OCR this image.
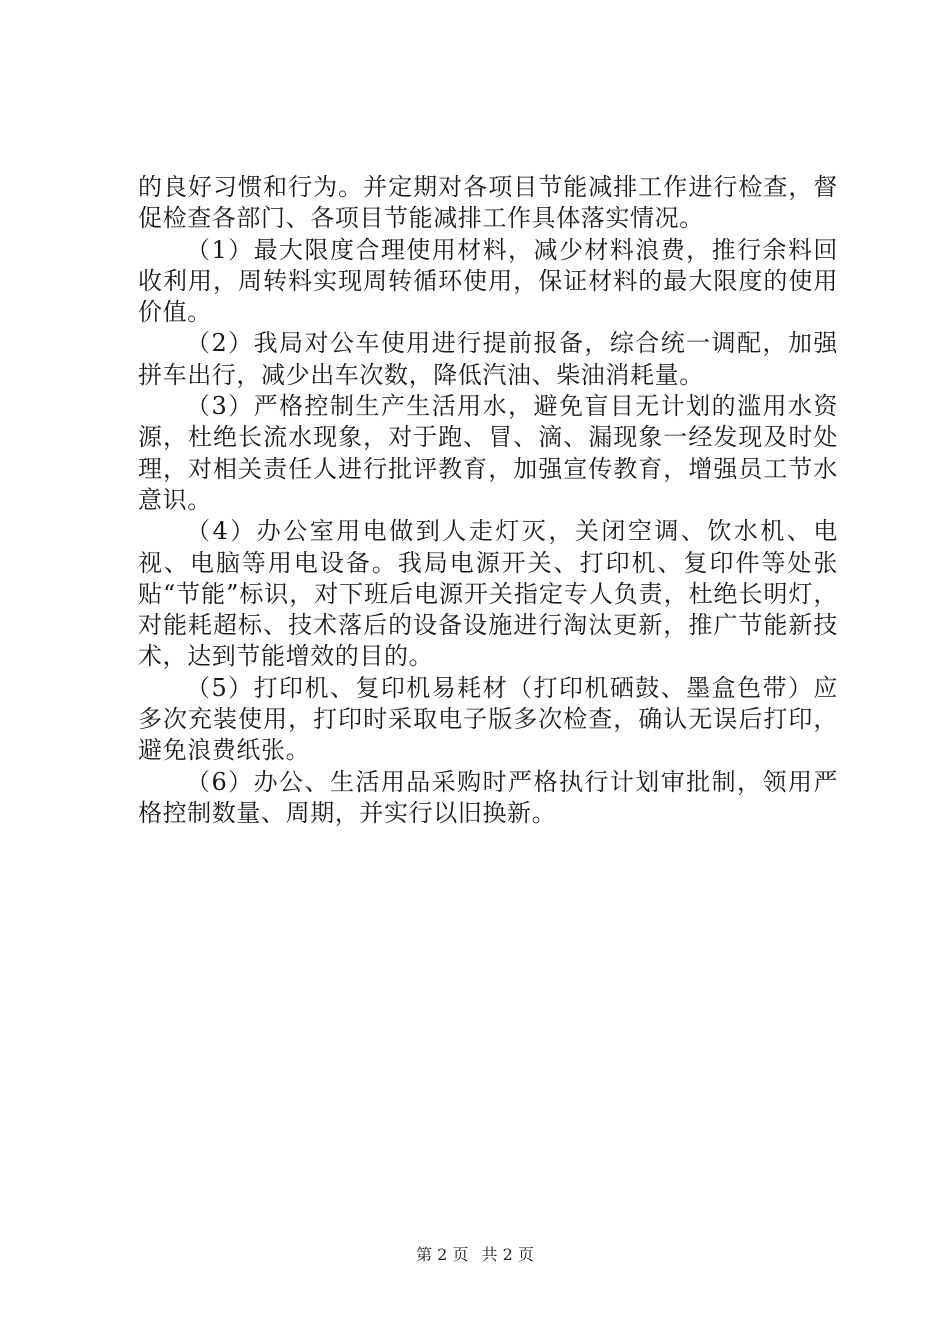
的良好习惯和行为。并定期对各项目节能减排工作进行检查，督促检查各部门、各项目节能减排工作具体落实情况。

（1）最大限度合理使用材料，减少材料浪费，推行余料回收利用，周转料实现周转循环使用，保证材料的最大限度的使用价值。

（2）我局对公车使用进行提前报备，综合统一调配，加强拼车出行，减少出车次数，降低汽油、柴油消耗量。

（3）严格控制生产生活用水，避免盲目无计划的滥用水资源，杜绝长流水现象，对于跑、冒、滴、漏现象一经发现及时处理，对相关责任人进行批评教育，加强宣传教育，增强员工节水意识。

（4）办公室用电做到人走灯灭，关闭空调、饮水机、电视、电脑等用电设备。我局电源开关、打印机、复印件等处张贴“节能”标识，对下班后电源开关指定专人负责，杜绝长明灯，对能耗超标、技术落后的设备设施进行淘汰更新，推广节能新技术，达到节能增效的目的。

（5）打印机、复印机易耗材（打印机硒鼓、墨盒色带）应多次充装使用，打印时采取电子版多次检查，确认无误后打印，避免浪费纸张。

（6）办公、生活用品采购时严格执行计划审批制，领用严格控制数量、周期，并实行以旧换新。

第 2 页 共 2 页
